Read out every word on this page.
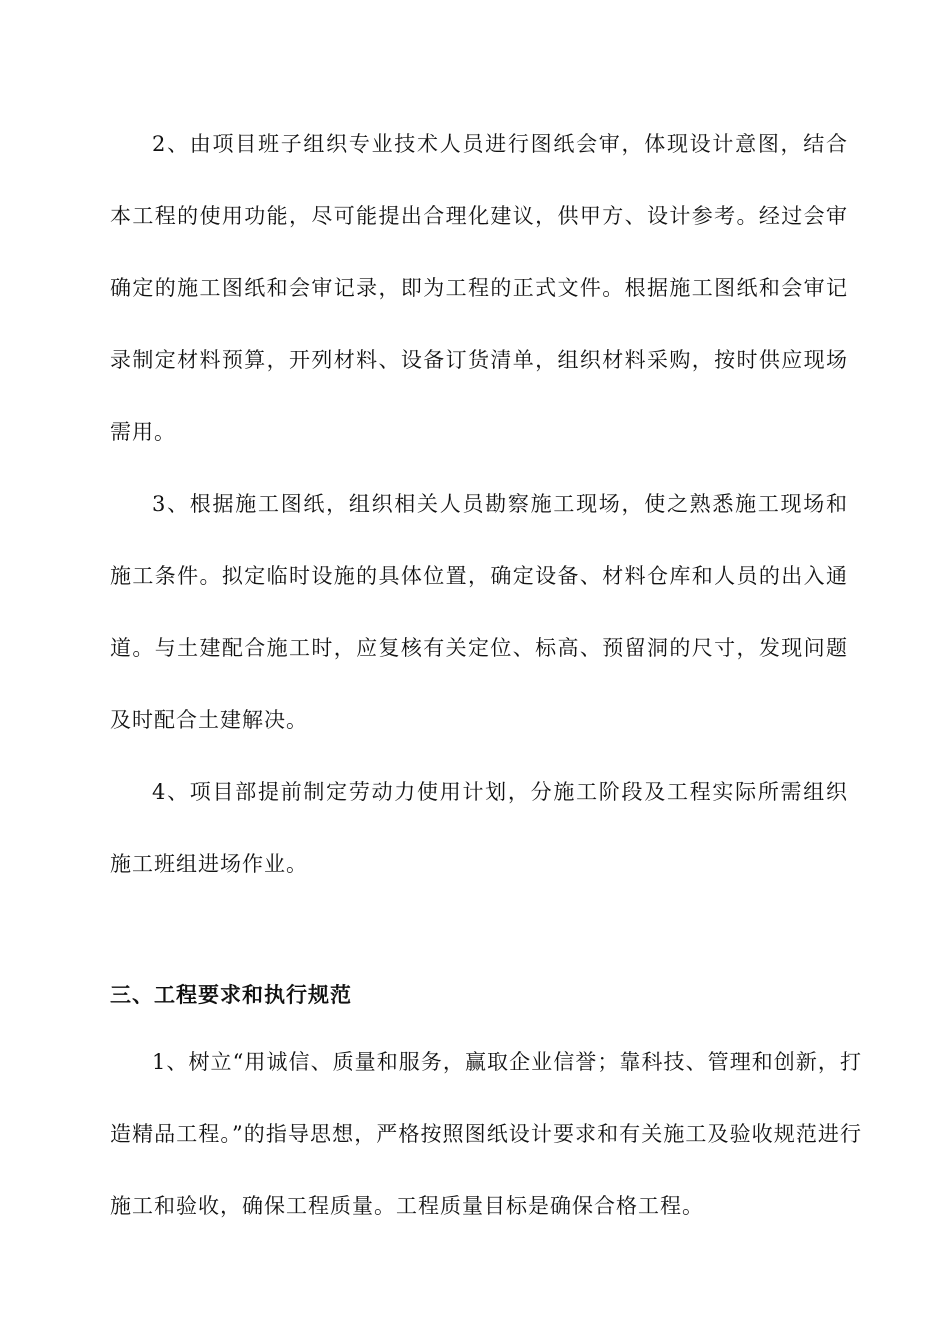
2、由项目班子组织专业技术人员进行图纸会审，体现设计意图，结合本工程的使用功能，尽可能提出合理化建议，供甲方、设计参考。经过会审确定的施工图纸和会审记录，即为工程的正式文件。根据施工图纸和会审记录制定材料预算，开列材料、设备订货清单，组织材料采购，按时供应现场需用。

3、根据施工图纸，组织相关人员勘察施工现场，使之熟悉施工现场和施工条件。拟定临时设施的具体位置，确定设备、材料仓库和人员的出入通道。与土建配合施工时，应复核有关定位、标高、预留洞的尺寸，发现问题及时配合土建解决。

4、项目部提前制定劳动力使用计划，分施工阶段及工程实际所需组织施工班组进场作业。

三、工程要求和执行规范

1、树立“用诚信、质量和服务，赢取企业信誉；靠科技、管理和创新，打造精品工程。”的指导思想，严格按照图纸设计要求和有关施工及验收规范进行施工和验收，确保工程质量。工程质量目标是确保合格工程。
